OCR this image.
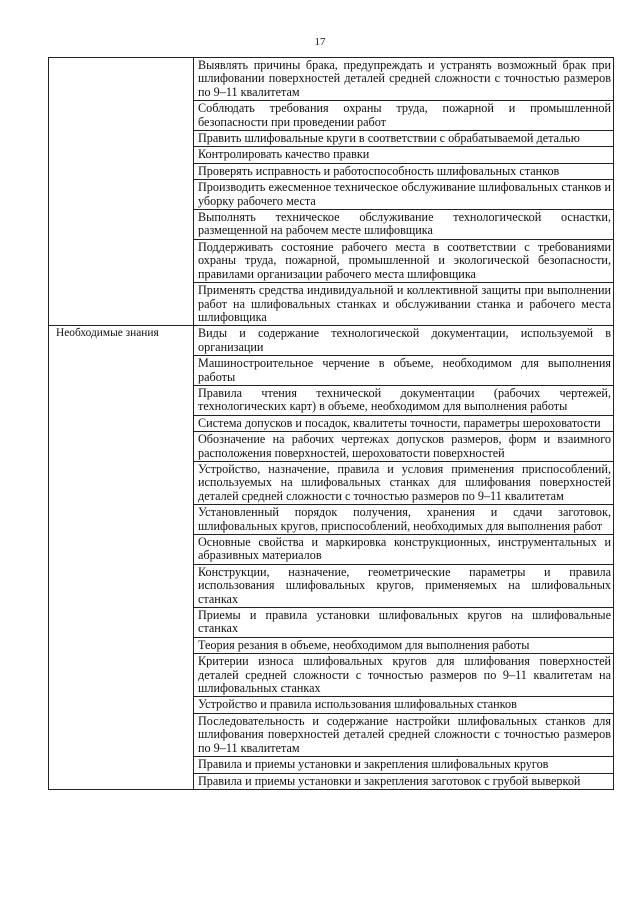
17
Выявлять причины брака, предупреждать и устранять возможный брак при шлифовании поверхностей деталей средней сложности с точностью размеров по 9–11 квалитетам
Соблюдать требования охраны труда, пожарной и промышленной безопасности при проведении работ
Править шлифовальные круги в соответствии с обрабатываемой деталью
Контролировать качество правки
Проверять исправность и работоспособность шлифовальных станков
Производить ежесменное техническое обслуживание шлифовальных станков и уборку рабочего места
Выполнять техническое обслуживание технологической оснастки, размещенной на рабочем месте шлифовщика
Поддерживать состояние рабочего места в соответствии с требованиями охраны труда, пожарной, промышленной и экологической безопасности, правилами организации рабочего места шлифовщика
Применять средства индивидуальной и коллективной защиты при выполнении работ на шлифовальных станках и обслуживании станка и рабочего места шлифовщика
Необходимые знания	Виды и содержание технологической документации, используемой в организации
Машиностроительное черчение в объеме, необходимом для выполнения работы
Правила чтения технической документации (рабочих чертежей, технологических карт) в объеме, необходимом для выполнения работы
Система допусков и посадок, квалитеты точности, параметры шероховатости
Обозначение на рабочих чертежах допусков размеров, форм и взаимного расположения поверхностей, шероховатости поверхностей
Устройство, назначение, правила и условия применения приспособлений, используемых на шлифовальных станках для шлифования поверхностей деталей средней сложности с точностью размеров по 9–11 квалитетам
Установленный порядок получения, хранения и сдачи заготовок, шлифовальных кругов, приспособлений, необходимых для выполнения работ
Основные свойства и маркировка конструкционных, инструментальных и абразивных материалов
Конструкции, назначение, геометрические параметры и правила использования шлифовальных кругов, применяемых на шлифовальных станках
Приемы и правила установки шлифовальных кругов на шлифовальные станках
Теория резания в объеме, необходимом для выполнения работы
Критерии износа шлифовальных кругов для шлифования поверхностей деталей средней сложности с точностью размеров по 9–11 квалитетам на шлифовальных станках
Устройство и правила использования шлифовальных станков
Последовательность и содержание настройки шлифовальных станков для шлифования поверхностей деталей средней сложности с точностью размеров по 9–11 квалитетам
Правила и приемы установки и закрепления шлифовальных кругов
Правила и приемы установки и закрепления заготовок с грубой выверкой
